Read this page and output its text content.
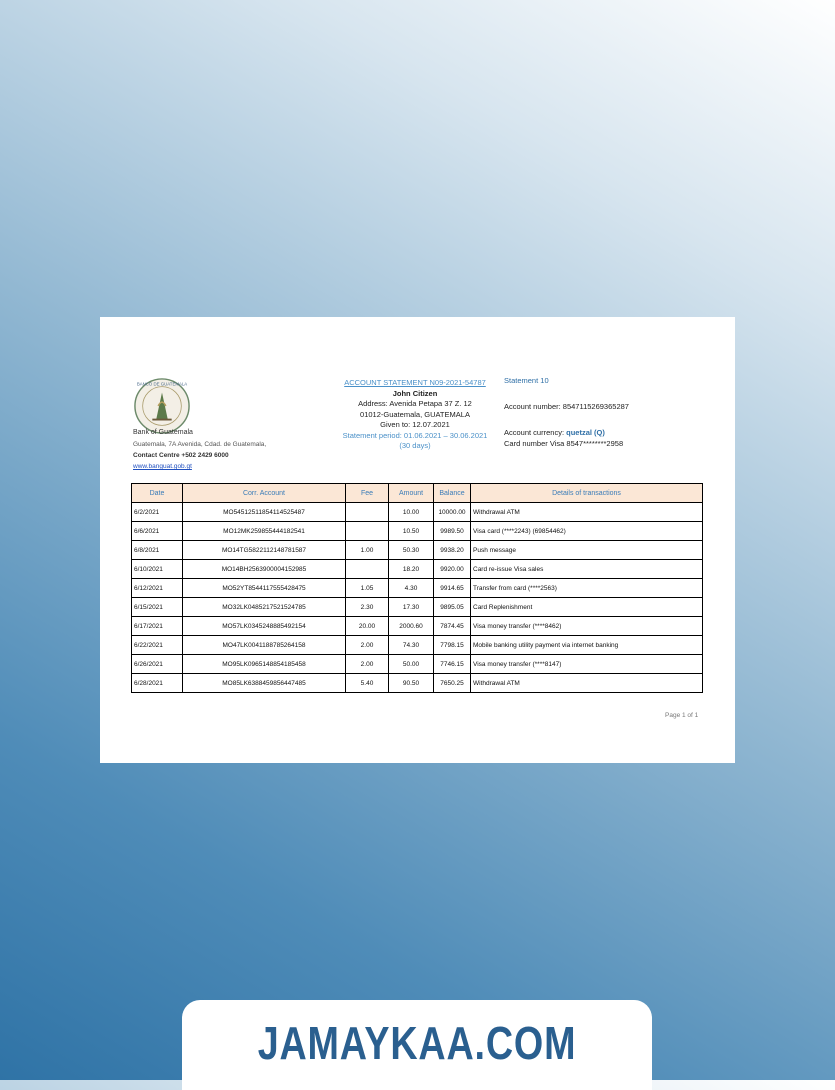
BANCO DE GUATEMALA
Bank of Guatemala
Guatemala, 7A Avenida, Cdad. de Guatemala,
Contact Centre +502 2429 6000
www.banguat.gob.gt
ACCOUNT STATEMENT N09-2021-54787
John Citizen
Address: Avenida Petapa 37 Z. 12
01012-Guatemala, GUATEMALA
Given to: 12.07.2021
Statement period: 01.06.2021 – 30.06.2021
(30 days)
Statement 10
Account number: 8547115269365287
Account currency: quetzal (Q)
Card number Visa 8547********2958
Date	Corr. Account	Fee	Amount	Balance	Details of transactions
6/2/2021	MO54512511854114525487		10.00	10000.00	Withdrawal ATM
6/6/2021	MO12MK259855444182541		10.50	9989.50	Visa card (****2243) (69854462)
6/8/2021	MO14TG5822112148781587	1.00	50.30	9938.20	Push message
6/10/2021	MO14BH2563900004152985		18.20	9920.00	Card re-issue Visa sales
6/12/2021	MO52YT8544117555428475	1.05	4.30	9914.65	Transfer from card (****2563)
6/15/2021	MO32LK0485217521524785	2.30	17.30	9895.05	Card Replenishment
6/17/2021	MO57LK0345248885492154	20.00	2000.60	7874.45	Visa money transfer (****8462)
6/22/2021	MO47LK0041188785264158	2.00	74.30	7798.15	Mobile banking utility payment via internet banking
6/26/2021	MO95LK0965148854185458	2.00	50.00	7746.15	Visa money transfer (****8147)
6/28/2021	MO85LK6388459856447485	5.40	90.50	7650.25	Withdrawal ATM
Page 1 of 1
JAMAYKAA.COM
